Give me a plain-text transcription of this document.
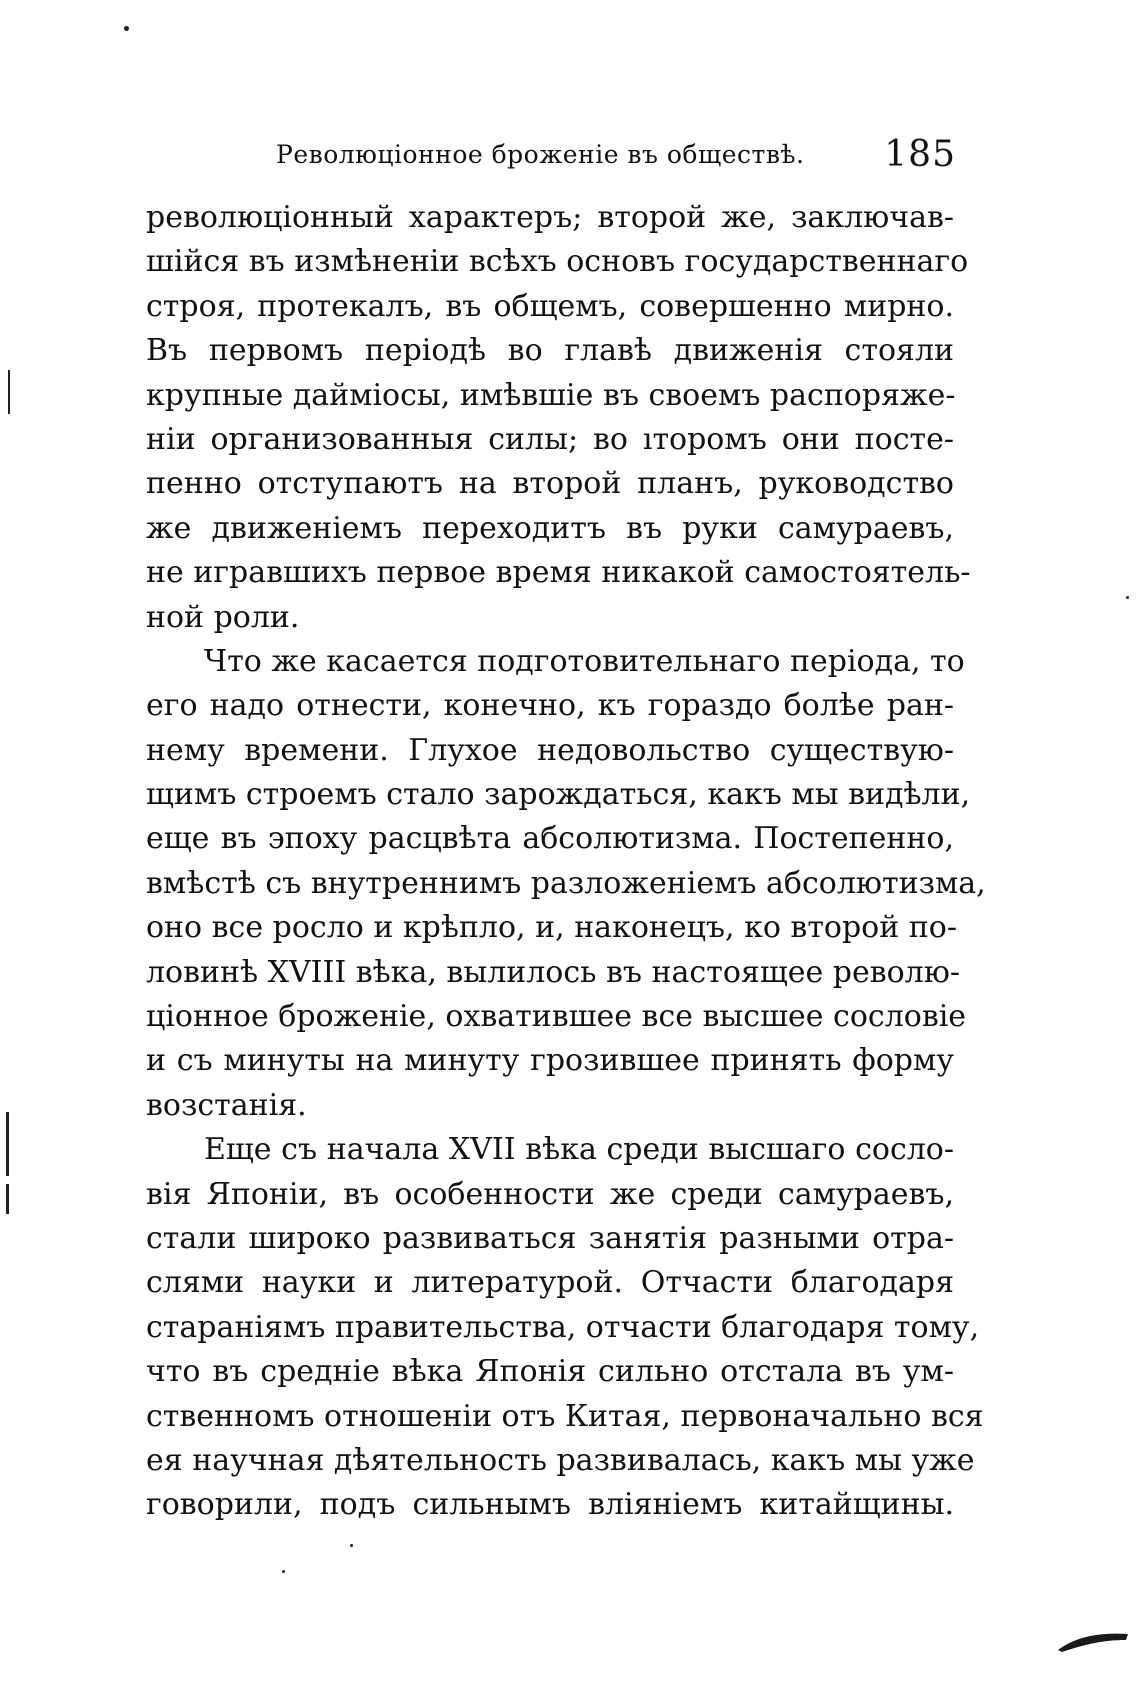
Революціонное броженіе въ обществѣ. 185
революціонный характеръ; второй же, заключав-
шійся въ измѣненіи всѣхъ основъ государственнаго
строя, протекалъ, въ общемъ, совершенно мирно.
Въ первомъ періодѣ во главѣ движенія стояли
крупные дайміосы, имѣвшіе въ своемъ распоряже-
ніи организованныя силы; во ıторомъ они посте-
пенно отступаютъ на второй планъ, руководство
же движеніемъ переходитъ въ руки самураевъ,
не игравшихъ первое время никакой самостоятель-
ной роли.
Что же касается подготовительнаго періода, то
его надо отнести, конечно, къ гораздо болѣе ран-
нему времени. Глухое недовольство существую-
щимъ строемъ стало зарождаться, какъ мы видѣли,
еще въ эпоху расцвѣта абсолютизма. Постепенно,
вмѣстѣ съ внутреннимъ разложеніемъ абсолютизма,
оно все росло и крѣпло, и, наконецъ, ко второй по-
ловинѣ XVIII вѣка, вылилось въ настоящее револю-
ціонное броженіе, охватившее все высшее сословіе
и съ минуты на минуту грозившее принять форму
возстанія.
Еще съ начала XVII вѣка среди высшаго сосло-
вія Японіи, въ особенности же среди самураевъ,
стали широко развиваться занятія разными отра-
слями науки и литературой. Отчасти благодаря
стараніямъ правительства, отчасти благодаря тому,
что въ средніе вѣка Японія сильно отстала въ ум-
ственномъ отношеніи отъ Китая, первоначально вся
ея научная дѣятельность развивалась, какъ мы уже
говорили, подъ сильнымъ вліяніемъ китайщины.
